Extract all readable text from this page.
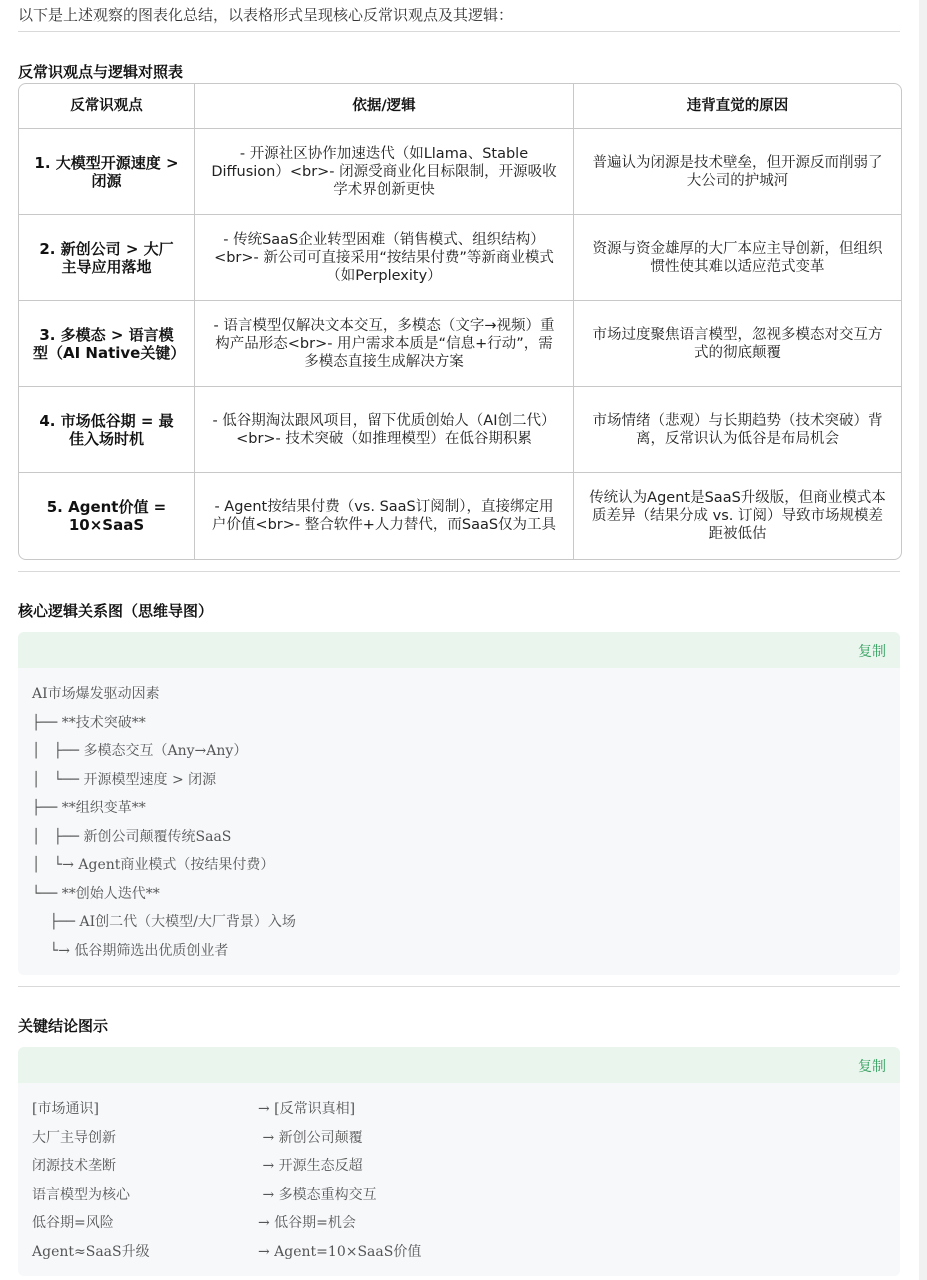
以下是上述观察的图表化总结，以表格形式呈现核心反常识观点及其逻辑：

反常识观点与逻辑对照表

反常识观点	依据/逻辑	违背直觉的原因
1. 大模型开源速度 > 闭源	- 开源社区协作加速迭代（如Llama、Stable Diffusion）<br>- 闭源受商业化目标限制，开源吸收学术界创新更快	普遍认为闭源是技术壁垒，但开源反而削弱了大公司的护城河
2. 新创公司 > 大厂主导应用落地	- 传统SaaS企业转型困难（销售模式、组织结构）<br>- 新公司可直接采用“按结果付费”等新商业模式（如Perplexity）	资源与资金雄厚的大厂本应主导创新，但组织惯性使其难以适应范式变革
3. 多模态 > 语言模型（AI Native关键）	- 语言模型仅解决文本交互，多模态（文字→视频）重构产品形态<br>- 用户需求本质是“信息+行动”，需多模态直接生成解决方案	市场过度聚焦语言模型，忽视多模态对交互方式的彻底颠覆
4. 市场低谷期 = 最佳入场时机	- 低谷期淘汰跟风项目，留下优质创始人（AI创二代）<br>- 技术突破（如推理模型）在低谷期积累	市场情绪（悲观）与长期趋势（技术突破）背离，反常识认为低谷是布局机会
5. Agent价值 = 10×SaaS	- Agent按结果付费（vs. SaaS订阅制），直接绑定用户价值<br>- 整合软件+人力替代，而SaaS仅为工具	传统认为Agent是SaaS升级版，但商业模式本质差异（结果分成 vs. 订阅）导致市场规模差距被低估

核心逻辑关系图（思维导图）

复制
AI市场爆发驱动因素
├── **技术突破**
│   ├── 多模态交互（Any→Any）
│   └── 开源模型速度 > 闭源
├── **组织变革**
│   ├── 新创公司颠覆传统SaaS
│   └→ Agent商业模式（按结果付费）
└── **创始人迭代**
├── AI创二代（大模型/大厂背景）入场
└→ 低谷期筛选出优质创业者

关键结论图示

复制
[市场通识]	→ [反常识真相]
大厂主导创新	→ 新创公司颠覆
闭源技术垄断	→ 开源生态反超
语言模型为核心	→ 多模态重构交互
低谷期=风险	→ 低谷期=机会
Agent≈SaaS升级	→ Agent=10×SaaS价值
